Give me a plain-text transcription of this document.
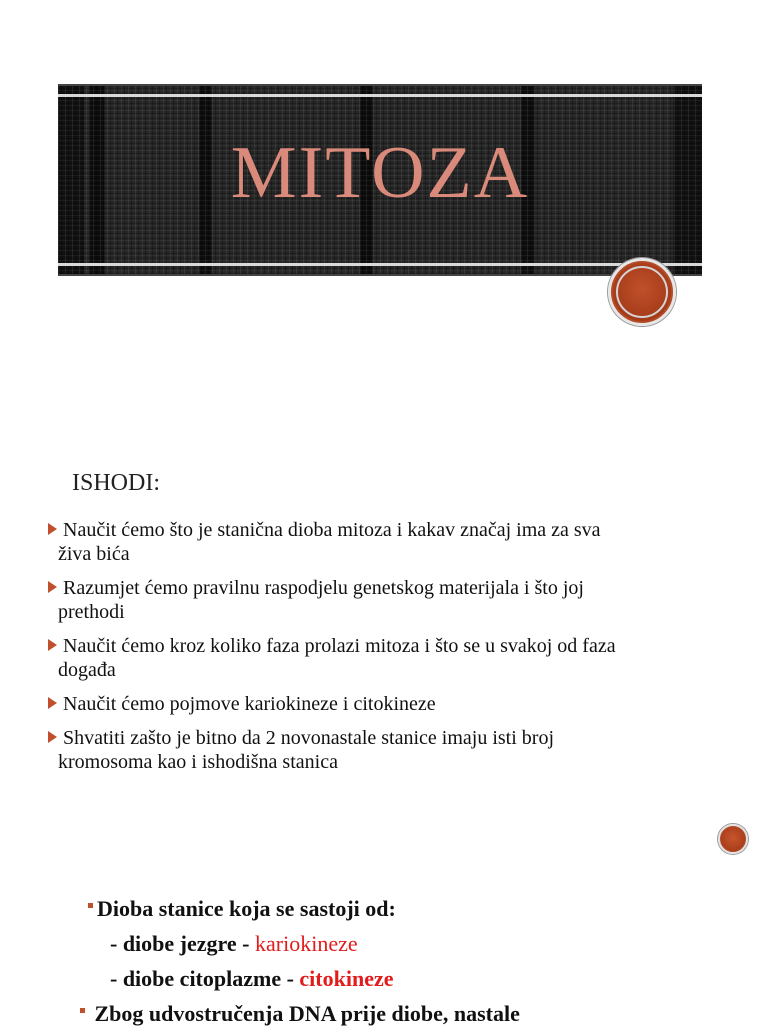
MITOZA
ISHODI:
Naučit ćemo što je stanična dioba mitoza i kakav značaj ima za sva
živa bića
Razumjet ćemo pravilnu raspodjelu genetskog materijala i što joj
prethodi
Naučit ćemo kroz koliko faza prolazi mitoza i što se u svakoj od faza
događa
Naučit ćemo pojmove kariokineze i citokineze
Shvatiti zašto je bitno da 2 novonastale stanice imaju isti broj
kromosoma kao i ishodišna stanica
Dioba stanice koja se sastoji od:
- diobe jezgre - kariokineze
- diobe citoplazme - citokineze
Zbog udvostručenja DNA prije diobe, nastale
